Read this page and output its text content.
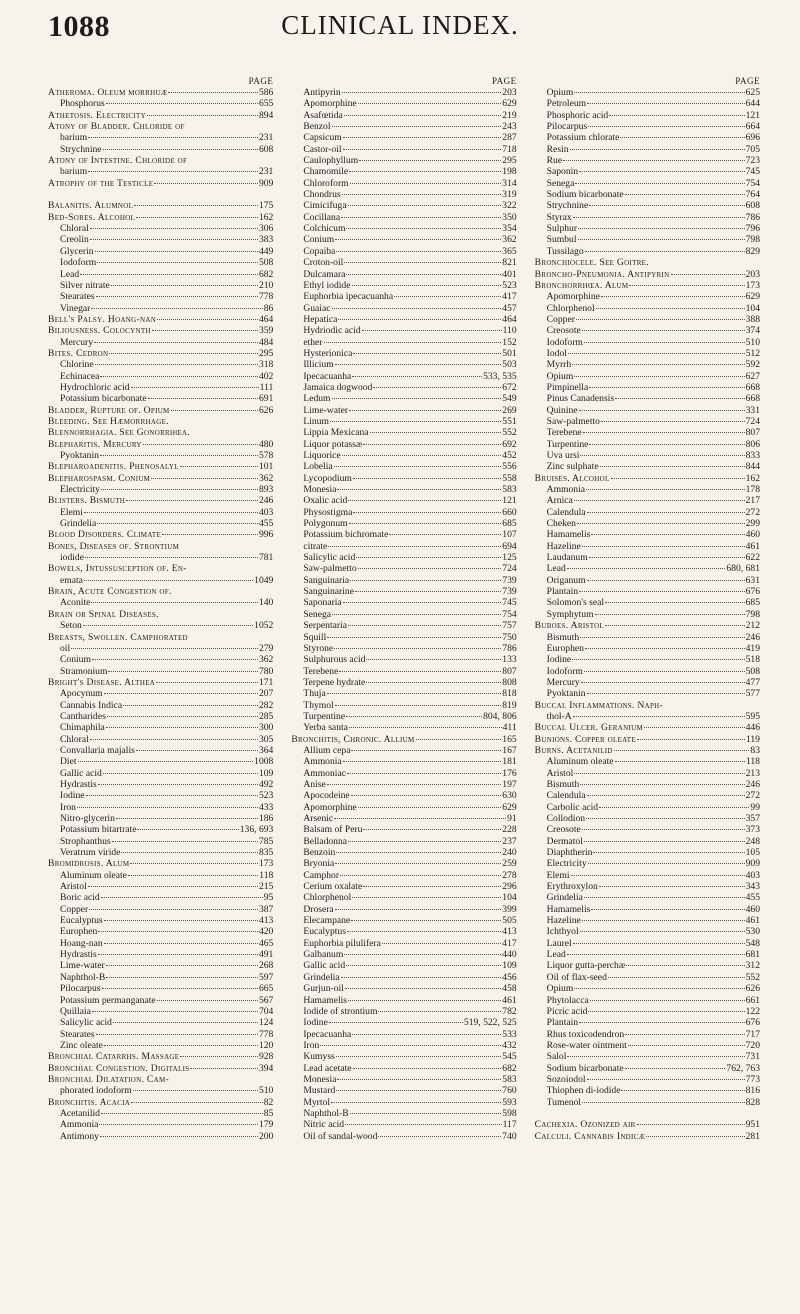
1088	CLINICAL INDEX.
PAGE
Atheroma. Oleum morrhuæ	586
Phosphorus	655
Athetosis. Electricity	894
Atony of Bladder. Chloride of
barium	231
Strychnine	608
Atony of Intestine. Chloride of
barium	231
Atrophy of the Testicle	909
Balanitis. Alumnol	175
Bed-Sores. Alcohol	162
Chloral	306
Creolin	383
Glycerin	449
Iodoform	508
Lead	682
Silver nitrate	210
Stearates	778
Vinegar	86
Bell's Palsy. Hoang-nan	464
Biliousness. Colocynth	359
Mercury	484
Bites. Cedron	295
Chlorine	318
Echinacea	402
Hydrochloric acid	111
Potassium bicarbonate	691
Bladder, Rupture of. Opium	626
Bleeding. See Hæmorrhage.
Blennorrhagia. See Gonorrhœa.
Blepharitis. Mercury	480
Pyoktanin	578
Blepharoadenitis. Phenosalyl	101
Blepharospasm. Conium	362
Electricity	893
Blisters. Bismuth	246
Elemi	403
Grindelia	455
Blood Disorders. Climate	996
Bones, Diseases of. Strontium
iodide	781
Bowels, Intussusception of. En-
emata	1049
Brain, Acute Congestion of.
Aconite	140
Brain or Spinal Diseases.
Seton	1052
Breasts, Swollen. Camphorated
oil	279
Conium	362
Stramonium	780
Bright's Disease. Althea	171
Apocynum	207
Cannabis Indica	282
Cantharides	285
Chimaphila	300
Chloral	305
Convallaria majalis	364
Diet	1008
Gallic acid	109
Hydrastis	492
Iodine	523
Iron	433
Nitro-glycerin	186
Potassium bitartrate	136, 693
Strophanthus	785
Veratrum viride	835
Bromidrosis. Alum	173
Aluminum oleate	118
Aristol	215
Boric acid	95
Copper	387
Eucalyptus	413
Europhen	420
Hoang-nan	465
Hydrastis	491
Lime-water	268
Naphthol-B	597
Pilocarpus	665
Potassium permanganate	567
Quillaia	704
Salicylic acid	124
Stearates	778
Zinc oleate	120
Bronchial Catarrhs. Massage	928
Bronchial Congestion. Digitalis	394
Bronchial Dilatation. Cam-
phorated iodoform	510
Bronchitis. Acacia	82
Acetanilid	85
Ammonia	179
Antimony	200
PAGE
Antipyrin	203
Apomorphine	629
Asafœtida	219
Benzol	243
Capsicum	287
Castor-oil	718
Caulophyllum	295
Chamomile	198
Chloroform	314
Chondrus	319
Cimicifuga	322
Cocillana	350
Colchicum	354
Conium	362
Copaiba	365
Croton-oil	821
Dulcamara	401
Ethyl iodide	523
Euphorbia ipecacuanha	417
Guaiac	457
Hepatica	464
Hydriodic acid	110
ether	152
Hysterionica	501
Illicium	503
Ipecacuanha	533, 535
Jamaica dogwood	672
Ledum	549
Lime-water	269
Linum	551
Lippia Mexicana	552
Liquor potassæ	692
Liquorice	452
Lobelia	556
Lycopodium	558
Monesia	583
Oxalic acid	121
Physostigma	660
Polygonum	685
Potassium bichromate	107
citrate	694
Salicylic acid	125
Saw-palmetto	724
Sanguinaria	739
Sanguinarine	739
Saponaria	745
Senega	754
Serpentaria	757
Squill	750
Styrone	786
Sulphurous acid	133
Terebene	807
Terpene hydrate	808
Thuja	818
Thymol	819
Turpentine	804, 806
Yerba santa	411
Bronchitis, Chronic. Allium	165
Allium cepa	167
Ammonia	181
Ammoniac	176
Anise	197
Apocodeine	630
Apomorphine	629
Arsenic	91
Balsam of Peru	228
Belladonna	237
Benzoin	240
Bryonia	259
Camphor	278
Cerium oxalate	296
Chlorphenol	104
Drosera	399
Elecampane	505
Eucalyptus	413
Euphorbia pilulifera	417
Galbanum	440
Gallic acid	109
Grindelia	456
Gurjun-oil	458
Hamamelis	461
Iodide of strontium	782
Iodine	519, 522, 525
Ipecacuanha	533
Iron	432
Kumyss	545
Lead acetate	682
Monesia	583
Mustard	760
Myrtol	593
Naphthol-B	598
Nitric acid	117
Oil of sandal-wood	740
PAGE
Opium	625
Petroleum	644
Phosphoric acid	121
Pilocarpus	664
Potassium chlorate	696
Resin	705
Rue	723
Saponin	745
Senega	754
Sodium bicarbonate	764
Strychnine	608
Styrax	786
Sulphur	796
Sumbul	798
Tussilago	829
Bronchiocele. See Goitre.
Broncho-Pneumonia. Antipyrin	203
Bronchorrhœa. Alum	173
Apomorphine	629
Chlorphenol	104
Copper	388
Creosote	374
Iodoform	510
Iodol	512
Myrrh	592
Opium	627
Pimpinella	668
Pinus Canadensis	668
Quinine	331
Saw-palmetto	724
Terebene	807
Turpentine	806
Uva ursi	833
Zinc sulphate	844
Bruises. Alcohol	162
Ammonia	178
Arnica	217
Calendula	272
Cheken	299
Hamamelis	460
Hazeline	461
Laudanum	622
Lead	680, 681
Origanum	631
Plantain	676
Solomon's seal	685
Symphytum	798
Buboes. Aristol	212
Bismuth	246
Europhen	419
Iodine	518
Iodoform	508
Mercury	477
Pyoktanin	577
Buccal Inflammations. Naph-
thol-A	595
Buccal Ulcer. Geranium	446
Bunions. Copper oleate	119
Burns. Acetanilid	83
Aluminum oleate	118
Aristol	213
Bismuth	246
Calendula	272
Carbolic acid	99
Collodion	357
Creosote	373
Dermatol	248
Diaphtherin	105
Electricity	909
Elemi	403
Erythroxylon	343
Grindelia	455
Hamamelis	460
Hazeline	461
Ichthyol	530
Laurel	548
Lead	681
Liquor gutta-perchæ	312
Oil of flax-seed	552
Opium	626
Phytolacca	661
Picric acid	122
Plantain	676
Rhus toxicodendron	717
Rose-water ointment	720
Salol	731
Sodium bicarbonate	762, 763
Sozoiodol	773
Thiophen di-iodide	816
Tumenol	828
Cachexia. Ozonized air	951
Calculi. Cannabis Indicæ	281
